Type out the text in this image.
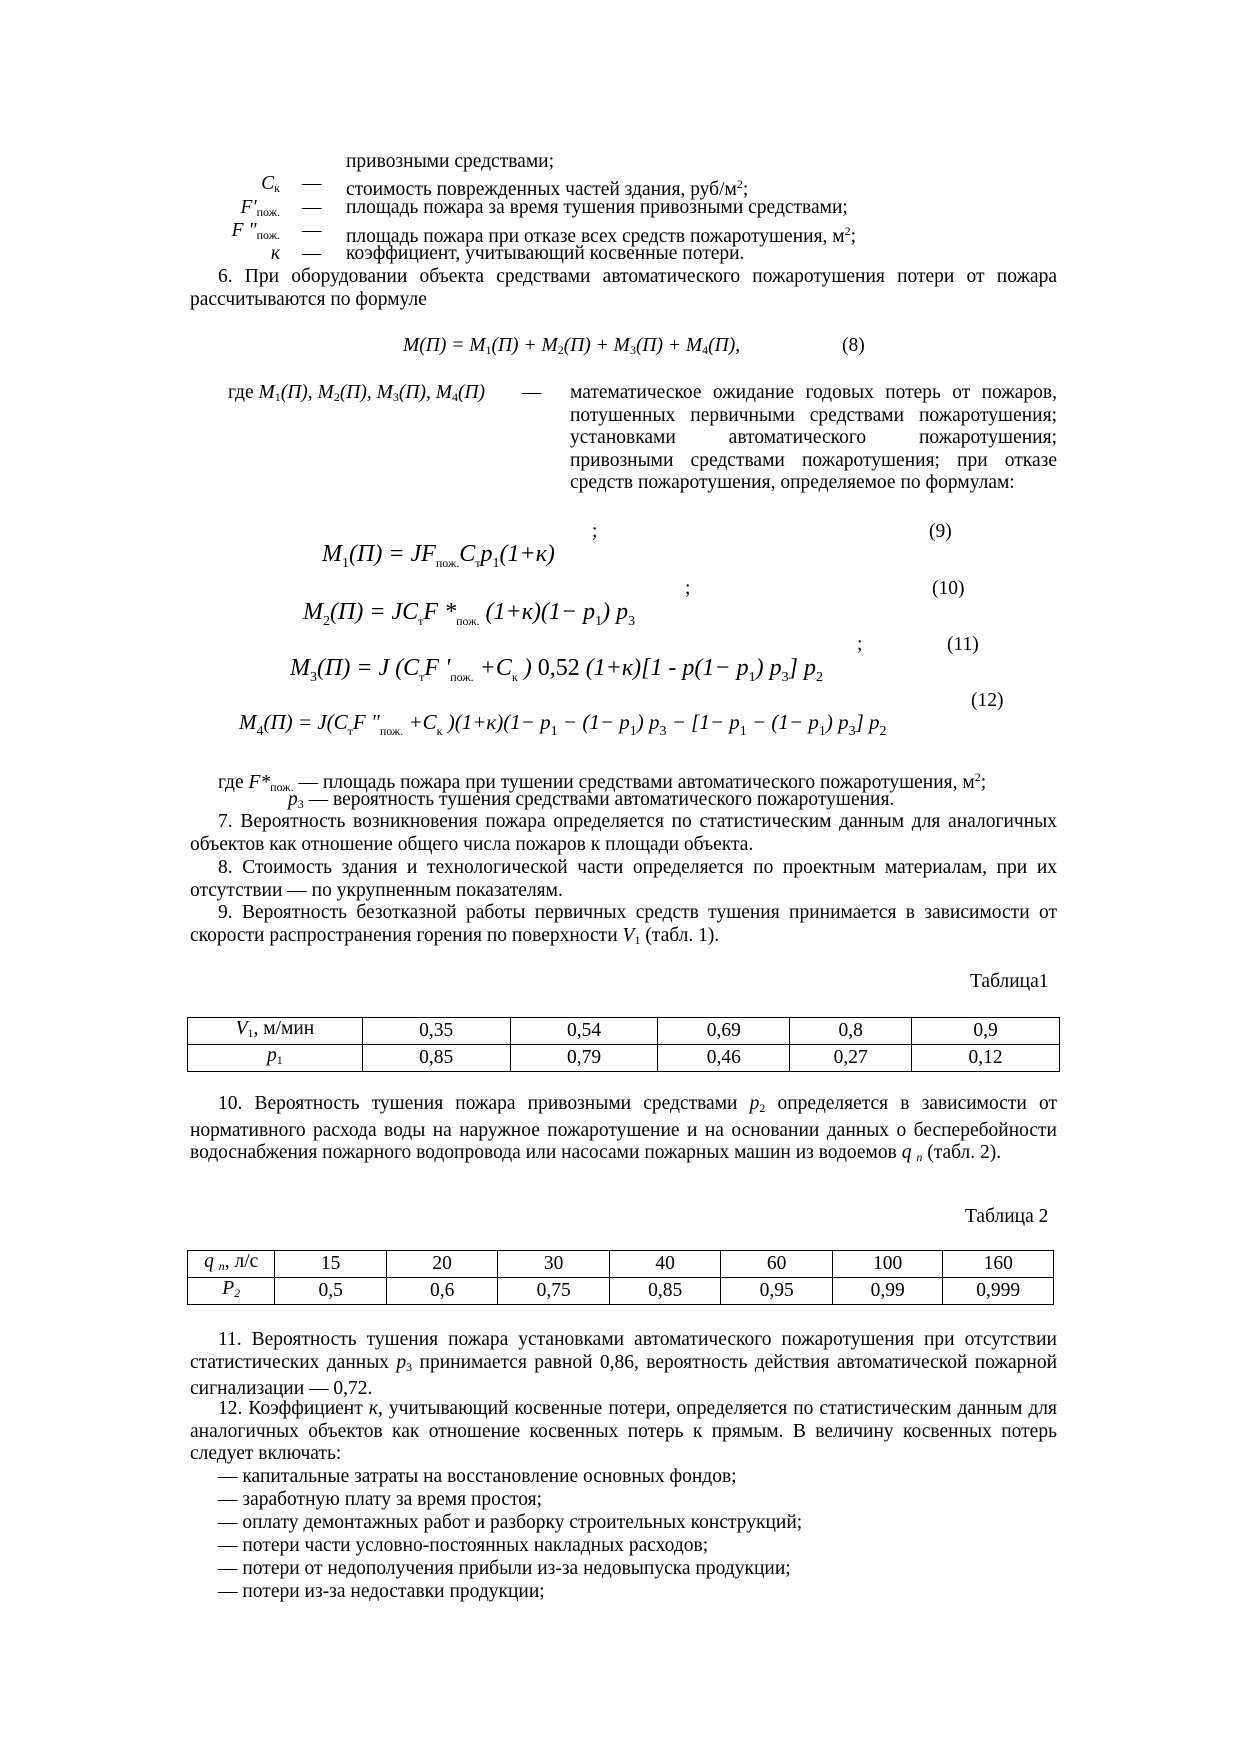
привозными средствами;
$C_к$ — стоимость поврежденных частей здания, руб/$м^2$;
$F'_{пож.}$ — площадь пожара за время тушения привозными средствами;
F "$_{пож.}$ — площадь пожара при отказе всех средств пожаротушения, $м^2$;
к — коэффициент, учитывающий косвенные потери.
6. При оборудовании объекта средствами автоматического пожаротушения потери от пожара рассчитываются по формуле
$M(П) = M_1(П) + M_2(П) + M_3(П) + M_4(П)$,	(8)
где $M_1(П)$, $M_2(П)$, $M_3(П)$, $M_4(П)$ — математическое ожидание годовых потерь от пожаров, потушенных первичными средствами пожаротушения; установками автоматического пожаротушения; привозными средствами пожаротушения; при отказе средств пожаротушения, определяемое по формулам:
$M_1(П) = JF_{пож.}C_тp_1(1+к)$
;	(9)
$M_2(П) = JC_тF$ $*_{пож.}$ $(1+к)(1- p_1)$ $p_3$
;	(10)
$M_3(П) = J$ ($C_тF$ '$_{пож.} +C_к$ ) 0,52 $(1+к)[1 - p(1- p_1)$ $p_3$] $p_2$
;	(11)
$M_4(П) = J(C_тF$ "$_{пож.} +C_к$ )$(1+к)(1- p_1 - (1- p_1) p_3 - [1- p_1 - (1- p_1)$ $p_3$] $p_2$
(12)
где $F*_{пож.}$ — площадь пожара при тушении средствами автоматического пожаротушения, $м^2$;
$p_3$ — вероятность тушения средствами автоматического пожаротушения.
7. Вероятность возникновения пожара определяется по статистическим данным для аналогичных объектов как отношение общего числа пожаров к площади объекта.
8. Стоимость здания и технологической части определяется по проектным материалам, при их отсутствии — по укрупненным показателям.
9. Вероятность безотказной работы первичных средств тушения принимается в зависимости от скорости распространения горения по поверхности $V_1$ (табл. 1).
Таблица1
$V_1$, м/мин	0,35	0,54	0,69	0,8	0,9
$p_1$	0,85	0,79	0,46	0,27	0,12
10. Вероятность тушения пожара привозными средствами $p_2$ определяется в зависимости от нормативного расхода воды на наружное пожаротушение и на основании данных о бесперебойности водоснабжения пожарного водопровода или насосами пожарных машин из водоемов q $_n$ (табл. 2).
Таблица 2
q $_n$, л/с	15	20	30	40	60	100	160
$P_2$	0,5	0,6	0,75	0,85	0,95	0,99	0,999
11. Вероятность тушения пожара установками автоматического пожаротушения при отсутствии статистических данных $p_3$ принимается равной 0,86, вероятность действия автоматической пожарной сигнализации — 0,72.
12. Коэффициент к, учитывающий косвенные потери, определяется по статистическим данным для аналогичных объектов как отношение косвенных потерь к прямым. В величину косвенных потерь следует включать:
— капитальные затраты на восстановление основных фондов;
— заработную плату за время простоя;
— оплату демонтажных работ и разборку строительных конструкций;
— потери части условно-постоянных накладных расходов;
— потери от недополучения прибыли из-за недовыпуска продукции;
— потери из-за недоставки продукции;
